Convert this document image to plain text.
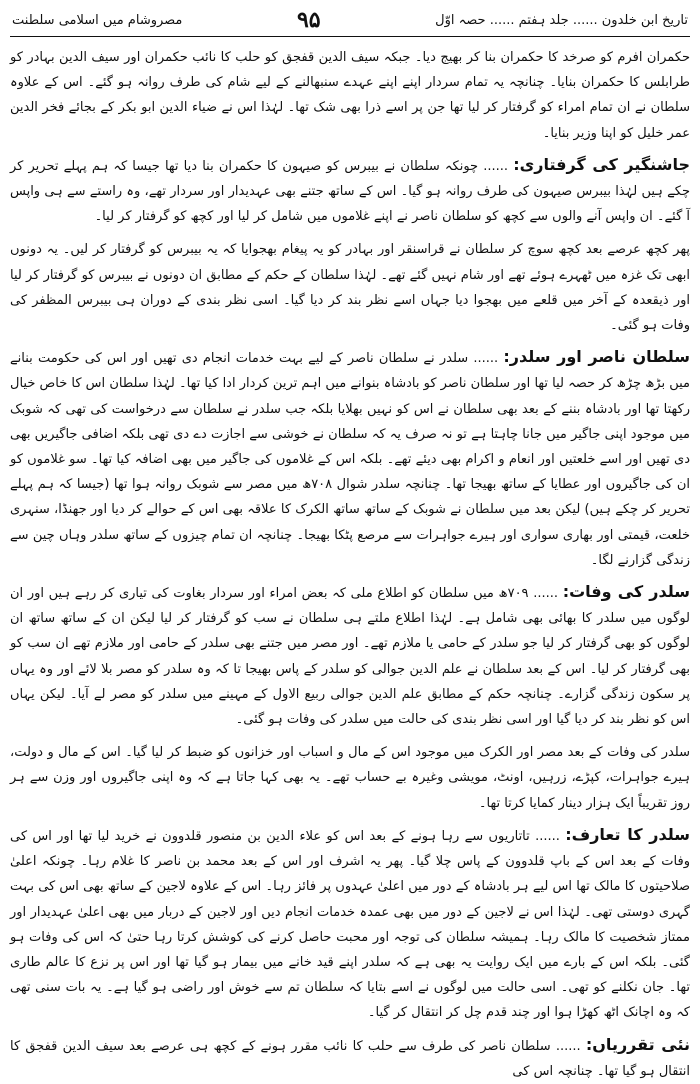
تاریخ ابن خلدون ...... جلد ہفتم ...... حصہ اوّل
۹۵
مصروشام میں اسلامی سلطنت

حکمران افرم کو صرخد کا حکمران بنا کر بھیج دیا۔ جبکہ سیف الدین قفجق کو حلب کا نائب حکمران اور سیف الدین بہادر کو طرابلس کا حکمران بنایا۔ چنانچہ یہ تمام سردار اپنے اپنے عہدے سنبھالنے کے لیے شام کی طرف روانہ ہو گئے۔ اس کے علاوہ سلطان نے ان تمام امراء کو گرفتار کر لیا تھا جن پر اسے ذرا بھی شک تھا۔ لہٰذا اس نے ضیاء الدین ابو بکر کے بجائے فخر الدین عمر خلیل کو اپنا وزیر بنایا۔

جاشنگیر کی گرفتاری: ...... چونکہ سلطان نے بیبرس کو صیہون کا حکمران بنا دیا تھا جیسا کہ ہم پہلے تحریر کر چکے ہیں لہٰذا بیبرس صیہون کی طرف روانہ ہو گیا۔ اس کے ساتھ جتنے بھی عہدیدار اور سردار تھے، وہ راستے سے ہی واپس آ گئے۔ ان واپس آنے والوں سے کچھ کو سلطان ناصر نے اپنے غلاموں میں شامل کر لیا اور کچھ کو گرفتار کر لیا۔

پھر کچھ عرصے بعد کچھ سوچ کر سلطان نے قراسنقر اور بہادر کو یہ پیغام بھجوایا کہ یہ بیبرس کو گرفتار کر لیں۔ یہ دونوں ابھی تک غزہ میں ٹھہرے ہوئے تھے اور شام نہیں گئے تھے۔ لہٰذا سلطان کے حکم کے مطابق ان دونوں نے بیبرس کو گرفتار کر لیا اور ذیقعدہ کے آخر میں قلعے میں بھجوا دیا جہاں اسے نظر بند کر دیا گیا۔ اسی نظر بندی کے دوران ہی بیبرس المظفر کی وفات ہو گئی۔

سلطان ناصر اور سلدر: ...... سلدر نے سلطان ناصر کے لیے بہت خدمات انجام دی تھیں اور اس کی حکومت بنانے میں بڑھ چڑھ کر حصہ لیا تھا اور سلطان ناصر کو بادشاہ بنوانے میں اہم ترین کردار ادا کیا تھا۔ لہٰذا سلطان اس کا خاص خیال رکھتا تھا اور بادشاہ بننے کے بعد بھی سلطان نے اس کو نہیں بھلایا بلکہ جب سلدر نے سلطان سے درخواست کی تھی کہ شوبک میں موجود اپنی جاگیر میں جانا چاہتا ہے تو نہ صرف یہ کہ سلطان نے خوشی سے اجازت دے دی تھی بلکہ اضافی جاگیریں بھی دی تھیں اور اسے خلعتیں اور انعام و اکرام بھی دیئے تھے۔ بلکہ اس کے غلاموں کی جاگیر میں بھی اضافہ کیا تھا۔ سو غلاموں کو ان کی جاگیروں اور عطایا کے ساتھ بھیجا تھا۔ چنانچہ سلدر شوال ۷۰۸ھ میں مصر سے شوبک روانہ ہوا تھا (جیسا کہ ہم پہلے تحریر کر چکے ہیں) لیکن بعد میں سلطان نے شوبک کے ساتھ ساتھ الکرک کا علاقہ بھی اس کے حوالے کر دیا اور جھنڈا، سنہری خلعت، قیمتی اور بھاری سواری اور ہیرے جواہرات سے مرصع پٹکا بھیجا۔ چنانچہ ان تمام چیزوں کے ساتھ سلدر وہاں چین سے زندگی گزارنے لگا۔

سلدر کی وفات: ...... ۷۰۹ھ میں سلطان کو اطلاع ملی کہ بعض امراء اور سردار بغاوت کی تیاری کر رہے ہیں اور ان لوگوں میں سلدر کا بھائی بھی شامل ہے۔ لہٰذا اطلاع ملتے ہی سلطان نے سب کو گرفتار کر لیا لیکن ان کے ساتھ ساتھ ان لوگوں کو بھی گرفتار کر لیا جو سلدر کے حامی یا ملازم تھے۔ اور مصر میں جتنے بھی سلدر کے حامی اور ملازم تھے ان سب کو بھی گرفتار کر لیا۔ اس کے بعد سلطان نے علم الدین جوالی کو سلدر کے پاس بھیجا تا کہ وہ سلدر کو مصر بلا لائے اور وہ یہاں پر سکون زندگی گزارے۔ چنانچہ حکم کے مطابق علم الدین جوالی ربیع الاول کے مہینے میں سلدر کو مصر لے آیا۔ لیکن یہاں اس کو نظر بند کر دیا گیا اور اسی نظر بندی کی حالت میں سلدر کی وفات ہو گئی۔

سلدر کی وفات کے بعد مصر اور الکرک میں موجود اس کے مال و اسباب اور خزانوں کو ضبط کر لیا گیا۔ اس کے مال و دولت، ہیرے جواہرات، کپڑے، زرہیں، اونٹ، مویشی وغیرہ بے حساب تھے۔ یہ بھی کہا جاتا ہے کہ وہ اپنی جاگیروں اور وزن سے ہر روز تقریباً ایک ہزار دینار کمایا کرتا تھا۔

سلدر کا تعارف: ...... تاتاریوں سے رہا ہونے کے بعد اس کو علاء الدین بن منصور قلدوون نے خرید لیا تھا اور اس کی وفات کے بعد اس کے باپ قلدوون کے پاس چلا گیا۔ پھر یہ اشرف اور اس کے بعد محمد بن ناصر کا غلام رہا۔ چونکہ اعلیٰ صلاحیتوں کا مالک تھا اس لیے ہر بادشاہ کے دور میں اعلیٰ عہدوں پر فائز رہا۔ اس کے علاوہ لاجین کے ساتھ بھی اس کی بہت گہری دوستی تھی۔ لہٰذا اس نے لاجین کے دور میں بھی عمدہ خدمات انجام دیں اور لاجین کے دربار میں بھی اعلیٰ عہدیدار اور ممتاز شخصیت کا مالک رہا۔ ہمیشہ سلطان کی توجہ اور محبت حاصل کرنے کی کوشش کرتا رہا حتیٰ کہ اس کی وفات ہو گئی۔ بلکہ اس کے بارے میں ایک روایت یہ بھی ہے کہ سلدر اپنے قید خانے میں بیمار ہو گیا تھا اور اس پر نزع کا عالم طاری تھا۔ جان نکلنے کو تھی۔ اسی حالت میں لوگوں نے اسے بتایا کہ سلطان تم سے خوش اور راضی ہو گیا ہے۔ یہ بات سنی تھی کہ وہ اچانک اٹھ کھڑا ہوا اور چند قدم چل کر انتقال کر گیا۔

نئی تقرریاں: ...... سلطان ناصر کی طرف سے حلب کا نائب مقرر ہونے کے کچھ ہی عرصے بعد سیف الدین قفجق کا انتقال ہو گیا تھا۔ چنانچہ اس کی
